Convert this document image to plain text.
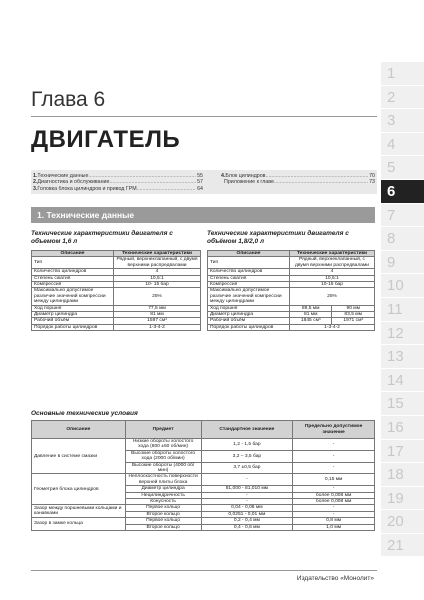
Глава 6
ДВИГАТЕЛЬ
1. Технические данные .....	55
2. Диагностика и обслуживание .....	57
3. Головка блока цилиндров и привод ГРМ .....	64
4. Блок цилиндров .....	70
Приложение к главе .....	73
1. Технические данные
Технические характеристики двигателя с объемом 1,6 л
Технические характеристики двигателя с объёмом 1,8/2,0 л
Описание	Технические характеристики
Тип	Рядный, верхнеклапанный, с двумя верхними распредвалами
Количество цилиндров	4
Степень сжатия	10,5:1
Компрессия	10- 15 бар
Максимально допустимое различие значений компрессии между цилиндрами	25%
Ход поршня	77,5 мм
Диаметр цилиндра	81 мм
Рабочий объём	1597 см³
Порядок работы цилиндров	1-3-4-2
Описание	Технические характеристики	
Тип	Рядный, верхнеклапанный, с двумя верхними распредвалами	
Количество цилиндров	4	
Степень сжатия	10,5:1	
Компрессия	10-15 бар	
Максимально допустимое различие значений компрессии между цилиндрами	25%	
Ход поршня	89,5 мм	90 мм
Диаметр цилиндра	81 мм	83,5 мм
Рабочий объём	1845 см³	1971 см³
Порядок работы цилиндров	1-3-4-2	
Основные технические условия
Описание	Предмет	Стандартное значение	Предельно допустимое значение
Давление в системе смазки	Низкие обороты холостого хода (800 ±50 об/мин)	1,2 - 1,5 бар	-
	Высокие обороты холостого хода (2000 об/мин)	3,2 – 3,5 бар	-
	Высокие обороты (4000 об/мин)	3,7 ±0,5 бар	-
Геометрия блока цилиндров	Неплоскостность поверхности верхней плиты блока	-	0,15 мм
	Диаметр цилиндра	81,000 - 81,010 мм	-
	Нецилиндричность	-	более 0,008 мм
	Конусность	-	более 0,008 мм
Зазор между поршневыми кольцами и канавками	Первое кольцо	0,04 - 0,08 мм	-
	Второе кольцо	0,0251 - 0,01 мм	-
Зазор в замке кольца	Первое кольцо	0,2 - 0,4 мм	0,8 мм
	Второе кольцо	0,4 - 0,6 мм	1,0 мм
1
2
3
4
5
6
7
8
9
10
11
12
13
14
15
16
17
18
19
20
21
Издательство «Монолит»
